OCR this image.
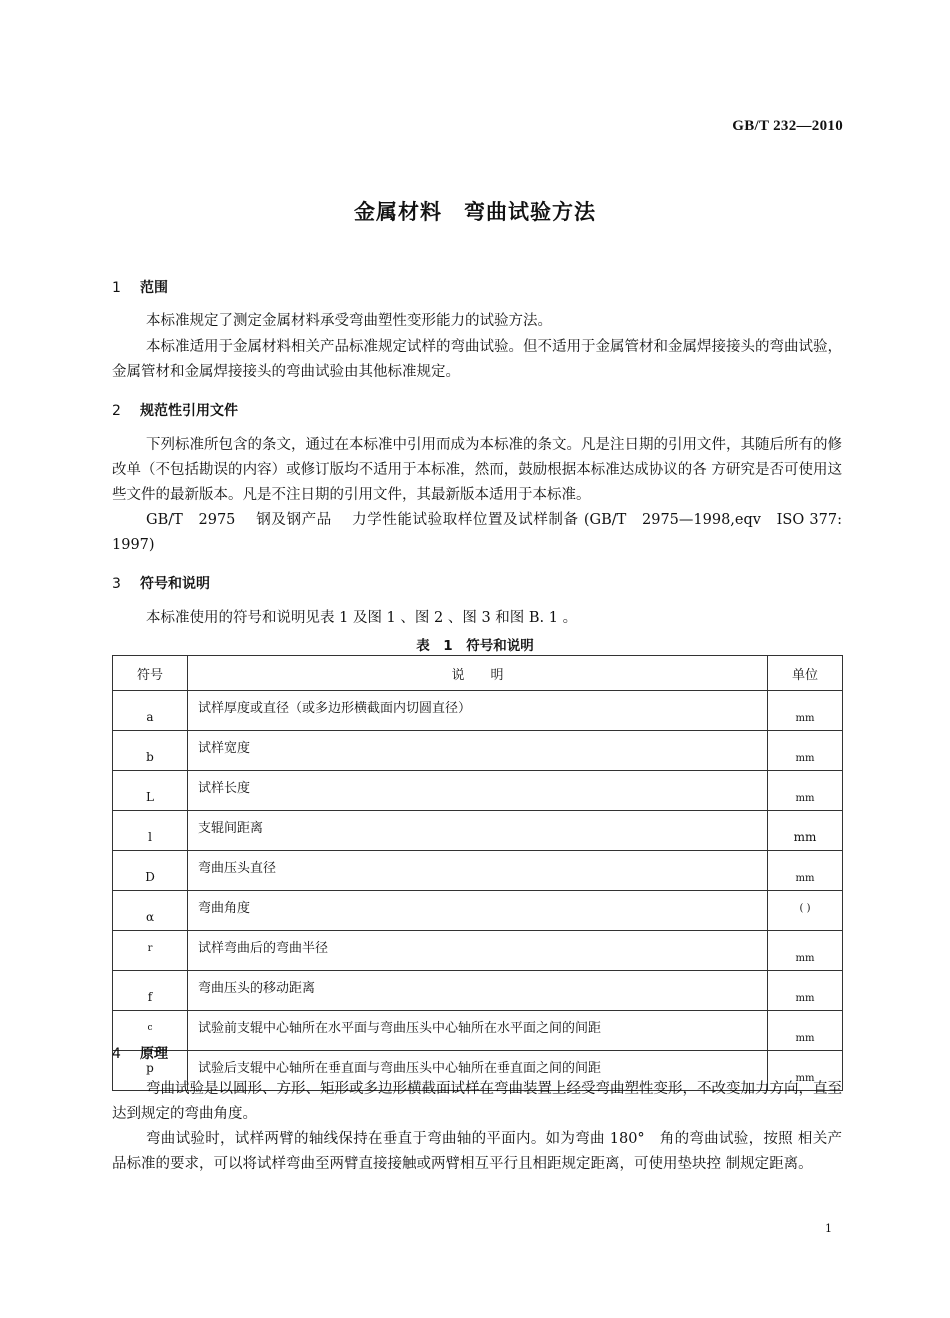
GB/T 232—2010
金属材料　弯曲试验方法
1 范围
本标准规定了测定金属材料承受弯曲塑性变形能力的试验方法。
本标准适用于金属材料相关产品标准规定试样的弯曲试验。但不适用于金属管材和金属焊接接头的弯曲试验，金属管材和金属焊接接头的弯曲试验由其他标准规定。
2 规范性引用文件
下列标准所包含的条文，通过在本标准中引用而成为本标准的条文。凡是注日期的引用文件，其随后所有的修改单（不包括勘误的内容）或修订版均不适用于本标准，然而，鼓励根据本标准达成协议的各 方研究是否可使用这些文件的最新版本。凡是不注日期的引用文件，其最新版本适用于本标准。
GB/T　2975　 钢及钢产品　 力学性能试验取样位置及试样制备 (GB/T　2975—1998,eqv　ISO 377: 1997)
3 符号和说明
本标准使用的符号和说明见表 1 及图 1 、图 2 、图 3 和图 B. 1 。
表　1　符号和说明
符号	说　　明	单位
a	试样厚度或直径（或多边形横截面内切圆直径）	mm
b	试样宽度	mm
L	试样长度	mm
l	支辊间距离	mm
D	弯曲压头直径	mm
α	弯曲角度	( )
r	试样弯曲后的弯曲半径	mm
f	弯曲压头的移动距离	mm
c	试验前支辊中心轴所在水平面与弯曲压头中心轴所在水平面之间的间距	mm
p	试验后支辊中心轴所在垂直面与弯曲压头中心轴所在垂直面之间的间距	mm
4 原理
弯曲试验是以圆形、方形、矩形或多边形横截面试样在弯曲装置上经受弯曲塑性变形，不改变加力方向，直至达到规定的弯曲角度。
弯曲试验时，试样两臂的轴线保持在垂直于弯曲轴的平面内。如为弯曲 180°　角的弯曲试验，按照 相关产品标准的要求，可以将试样弯曲至两臂直接接触或两臂相互平行且相距规定距离，可使用垫块控 制规定距离。
1
